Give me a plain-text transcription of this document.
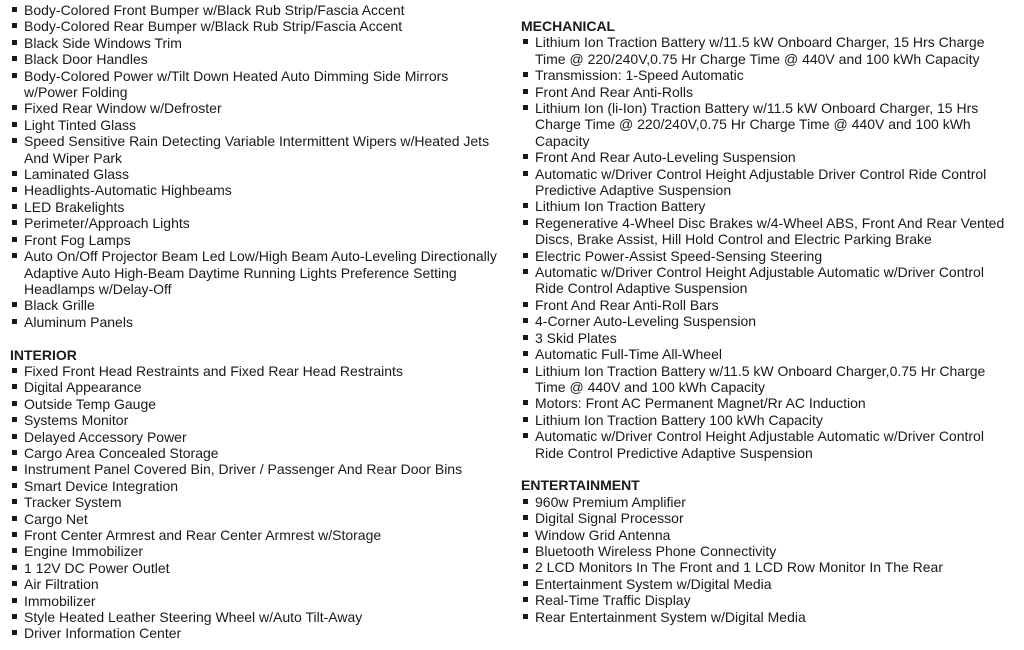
Body-Colored Front Bumper w/Black Rub Strip/Fascia Accent
Body-Colored Rear Bumper w/Black Rub Strip/Fascia Accent
Black Side Windows Trim
Black Door Handles
Body-Colored Power w/Tilt Down Heated Auto Dimming Side Mirrors w/Power Folding
Fixed Rear Window w/Defroster
Light Tinted Glass
Speed Sensitive Rain Detecting Variable Intermittent Wipers w/Heated Jets And Wiper Park
Laminated Glass
Headlights-Automatic Highbeams
LED Brakelights
Perimeter/Approach Lights
Front Fog Lamps
Auto On/Off Projector Beam Led Low/High Beam Auto-Leveling Directionally Adaptive Auto High-Beam Daytime Running Lights Preference Setting Headlamps w/Delay-Off
Black Grille
Aluminum Panels
INTERIOR
Fixed Front Head Restraints and Fixed Rear Head Restraints
Digital Appearance
Outside Temp Gauge
Systems Monitor
Delayed Accessory Power
Cargo Area Concealed Storage
Instrument Panel Covered Bin, Driver / Passenger And Rear Door Bins
Smart Device Integration
Tracker System
Cargo Net
Front Center Armrest and Rear Center Armrest w/Storage
Engine Immobilizer
1 12V DC Power Outlet
Air Filtration
Immobilizer
Style Heated Leather Steering Wheel w/Auto Tilt-Away
Driver Information Center
MECHANICAL
Lithium Ion Traction Battery w/11.5 kW Onboard Charger, 15 Hrs Charge Time @ 220/240V,0.75 Hr Charge Time @ 440V and 100 kWh Capacity
Transmission: 1-Speed Automatic
Front And Rear Anti-Rolls
Lithium Ion (li-Ion) Traction Battery w/11.5 kW Onboard Charger, 15 Hrs Charge Time @ 220/240V,0.75 Hr Charge Time @ 440V and 100 kWh Capacity
Front And Rear Auto-Leveling Suspension
Automatic w/Driver Control Height Adjustable Driver Control Ride Control Predictive Adaptive Suspension
Lithium Ion Traction Battery
Regenerative 4-Wheel Disc Brakes w/4-Wheel ABS, Front And Rear Vented Discs, Brake Assist, Hill Hold Control and Electric Parking Brake
Electric Power-Assist Speed-Sensing Steering
Automatic w/Driver Control Height Adjustable Automatic w/Driver Control Ride Control Adaptive Suspension
Front And Rear Anti-Roll Bars
4-Corner Auto-Leveling Suspension
3 Skid Plates
Automatic Full-Time All-Wheel
Lithium Ion Traction Battery w/11.5 kW Onboard Charger,0.75 Hr Charge Time @ 440V and 100 kWh Capacity
Motors: Front AC Permanent Magnet/Rr AC Induction
Lithium Ion Traction Battery 100 kWh Capacity
Automatic w/Driver Control Height Adjustable Automatic w/Driver Control Ride Control Predictive Adaptive Suspension
ENTERTAINMENT
960w Premium Amplifier
Digital Signal Processor
Window Grid Antenna
Bluetooth Wireless Phone Connectivity
2 LCD Monitors In The Front and 1 LCD Row Monitor In The Rear
Entertainment System w/Digital Media
Real-Time Traffic Display
Rear Entertainment System w/Digital Media
